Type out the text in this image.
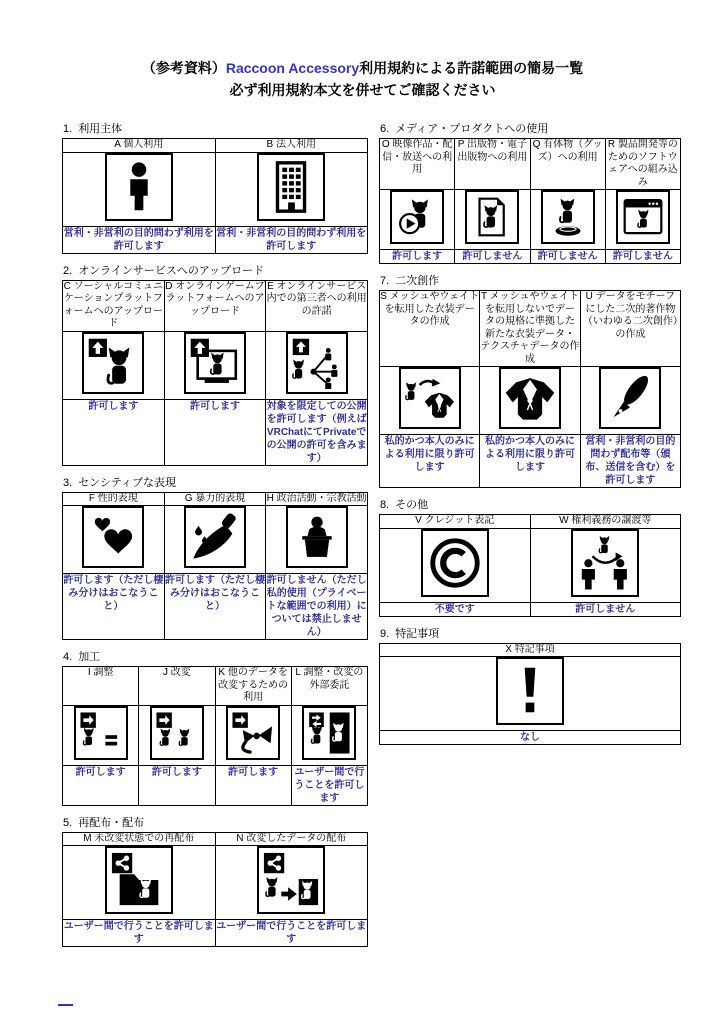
（参考資料）Raccoon Accessory利用規約による許諾範囲の簡易一覧
必ず利用規約本文を併せてご確認ください
1. 利用主体
A 個人利用	B 法人利用

営利・非営利の目的問わず利用を許可します	営利・非営利の目的問わず利用を許可します
2. オンラインサービスへのアップロード
C ソーシャルコミュニケーションプラットフォームへのアップロード	D オンラインゲームプラットフォームへのアップロード	E オンラインサービス内での第三者への利用の許諾

許可します	許可します	対象を限定しての公開を許可します（例えばVRChatにてPrivateでの公開の許可を含みます）
3. センシティブな表現
F 性的表現	G 暴力的表現	H 政治活動・宗教活動

許可します（ただし棲み分けはおこなうこと）	許可します（ただし棲み分けはおこなうこと）	許可しません（ただし私的使用（プライベートな範囲での利用）については禁止しません）
4. 加工
I 調整	J 改変	K 他のデータを改変するための利用	L 調整・改変の外部委託

許可します	許可します	許可します	ユーザー間で行うことを許可します
5. 再配布・配布
M 未改変状態での再配布	N 改変したデータの配布

ユーザー間で行うことを許可します	ユーザー間で行うことを許可します
6. メディア・プロダクトへの使用
O 映像作品・配信・放送への利用	P 出版物・電子出版物への利用	Q 有体物（グッズ）への利用	R 製品開発等のためのソフトウェアへの組み込み

許可します	許可しません	許可しません	許可しません
7. 二次創作
S メッシュやウェイトを転用した衣装データの作成	T メッシュやウェイトを転用しないでデータの規格に準拠した新たな衣装データ・テクスチャデータの作成	U データをモチーフにした二次的著作物（いわゆる二次創作）の作成

私的かつ本人のみによる利用に限り許可します	私的かつ本人のみによる利用に限り許可します	営利・非営利の目的問わず配布等（頒布、送信を含む）を許可します
8. その他
V クレジット表記	W 権利義務の譲渡等

不要です	許可しません
9. 特記事項
X 特記事項

なし
